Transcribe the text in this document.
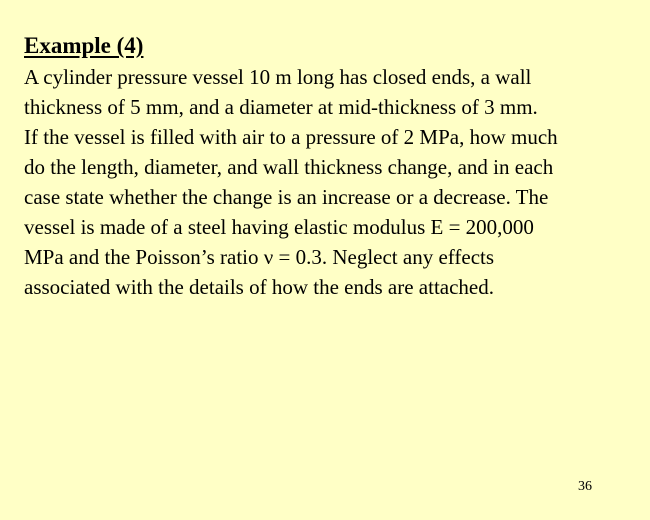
Example (4)

A cylinder pressure vessel 10 m long has closed ends, a wall
thickness of 5 mm, and a diameter at mid-thickness of 3 mm.
If the vessel is filled with air to a pressure of 2 MPa, how much
do the length, diameter, and wall thickness change, and in each
case state whether the change is an increase or a decrease. The
vessel is made of a steel having elastic modulus E = 200,000
MPa and the Poisson’s ratio ν = 0.3. Neglect any effects
associated with the details of how the ends are attached.

36
